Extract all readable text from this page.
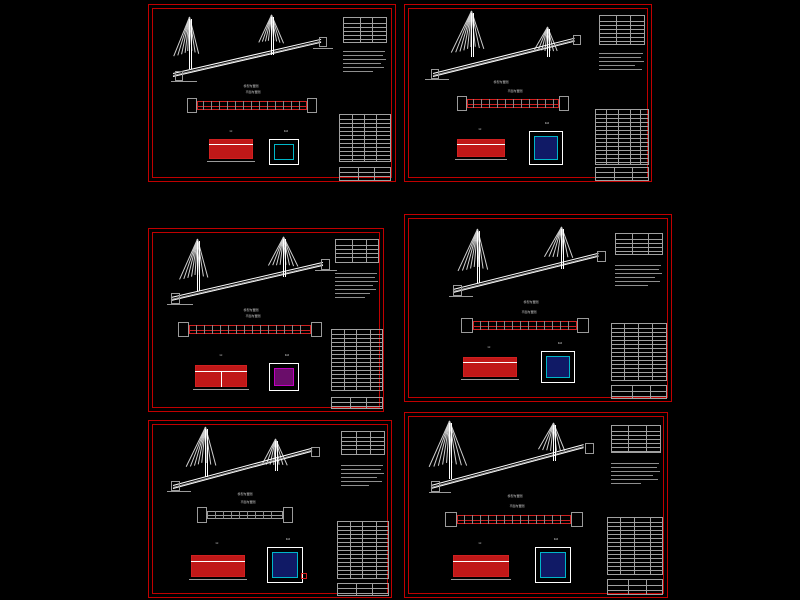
桥型布置图
平面布置图
I-I	II-II
桥型布置图
平面布置图
I-I
II-II
桥型布置图
平面布置图
I-I	II-II
桥型布置图
平面布置图
I-I
II-II
桥型布置图
平面布置图
I-I
II-II
桥型布置图
平面布置图
I-I
II-II
